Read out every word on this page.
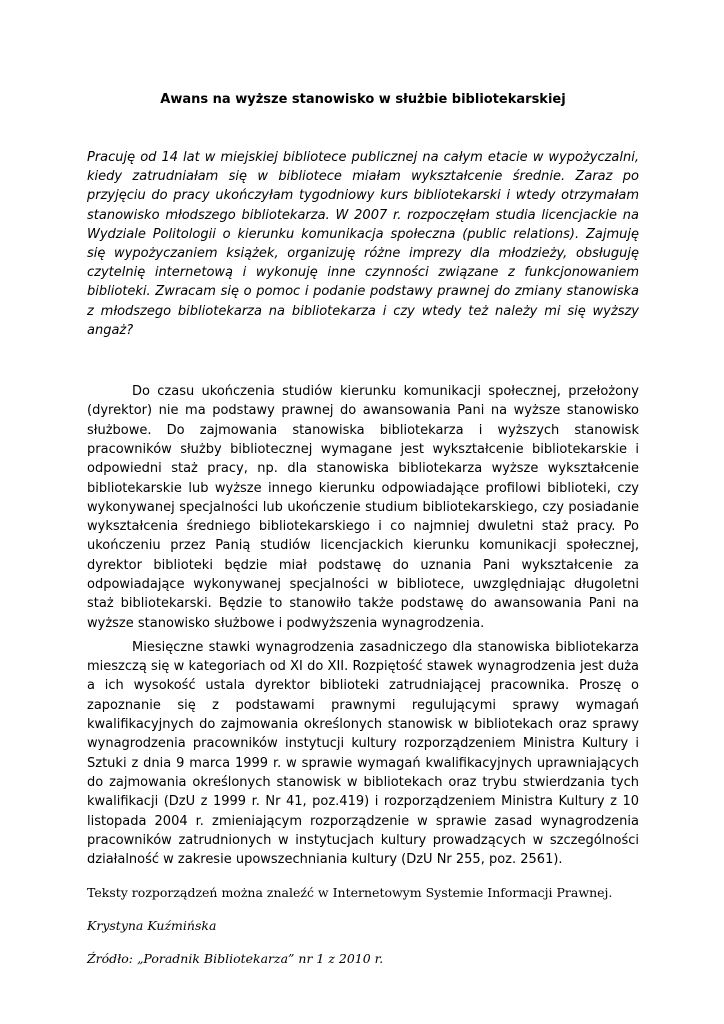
Awans na wyższe stanowisko w służbie bibliotekarskiej
Pracuję od 14 lat w miejskiej bibliotece publicznej na całym etacie w wypożyczalni, kiedy zatrudniałam się w bibliotece miałam wykształcenie średnie. Zaraz po przyjęciu do pracy ukończyłam tygodniowy kurs bibliotekarski i wtedy otrzymałam stanowisko młodszego bibliotekarza. W 2007 r. rozpoczęłam studia licencjackie na Wydziale Politologii o kierunku komunikacja społeczna (public relations). Zajmuję się wypożyczaniem książek, organizuję różne imprezy dla młodzieży, obsługuję czytelnię internetową i wykonuję inne czynności związane z funkcjonowaniem biblioteki. Zwracam się o pomoc i podanie podstawy prawnej do zmiany stanowiska z młodszego bibliotekarza na bibliotekarza i czy wtedy też należy mi się wyższy angaż?

Do czasu ukończenia studiów kierunku komunikacji społecznej, przełożony (dyrektor) nie ma podstawy prawnej do awansowania Pani na wyższe stanowisko służbowe. Do zajmowania stanowiska bibliotekarza i wyższych stanowisk pracowników służby bibliotecznej wymagane jest wykształcenie bibliotekarskie i odpowiedni staż pracy, np. dla stanowiska bibliotekarza wyższe wykształcenie bibliotekarskie lub wyższe innego kierunku odpowiadające profilowi biblioteki, czy wykonywanej specjalności lub ukończenie studium bibliotekarskiego, czy posiadanie wykształcenia średniego bibliotekarskiego i co najmniej dwuletni staż pracy. Po ukończeniu przez Panią studiów licencjackich kierunku komunikacji społecznej, dyrektor biblioteki będzie miał podstawę do uznania Pani wykształcenie za odpowiadające wykonywanej specjalności w bibliotece, uwzględniając długoletni staż bibliotekarski. Będzie to stanowiło także podstawę do awansowania Pani na wyższe stanowisko służbowe i podwyższenia wynagrodzenia.

Miesięczne stawki wynagrodzenia zasadniczego dla stanowiska bibliotekarza mieszczą się w kategoriach od XI do XII. Rozpiętość stawek wynagrodzenia jest duża a ich wysokość ustala dyrektor biblioteki zatrudniającej pracownika. Proszę o zapoznanie się z podstawami prawnymi regulującymi sprawy wymagań kwalifikacyjnych do zajmowania określonych stanowisk w bibliotekach oraz sprawy wynagrodzenia pracowników instytucji kultury rozporządzeniem Ministra Kultury i Sztuki z dnia 9 marca 1999 r. w sprawie wymagań kwalifikacyjnych uprawniających do zajmowania określonych stanowisk w bibliotekach oraz trybu stwierdzania tych kwalifikacji (DzU z 1999 r. Nr 41, poz.419) i rozporządzeniem Ministra Kultury z 10 listopada 2004 r. zmieniającym rozporządzenie w sprawie zasad wynagrodzenia pracowników zatrudnionych w instytucjach kultury prowadzących w szczególności działalność w zakresie upowszechniania kultury (DzU Nr 255, poz. 2561).

Teksty rozporządzeń można znaleźć w Internetowym Systemie Informacji Prawnej.
Krystyna Kuźmińska
Źródło: „Poradnik Bibliotekarza” nr 1 z 2010 r.
